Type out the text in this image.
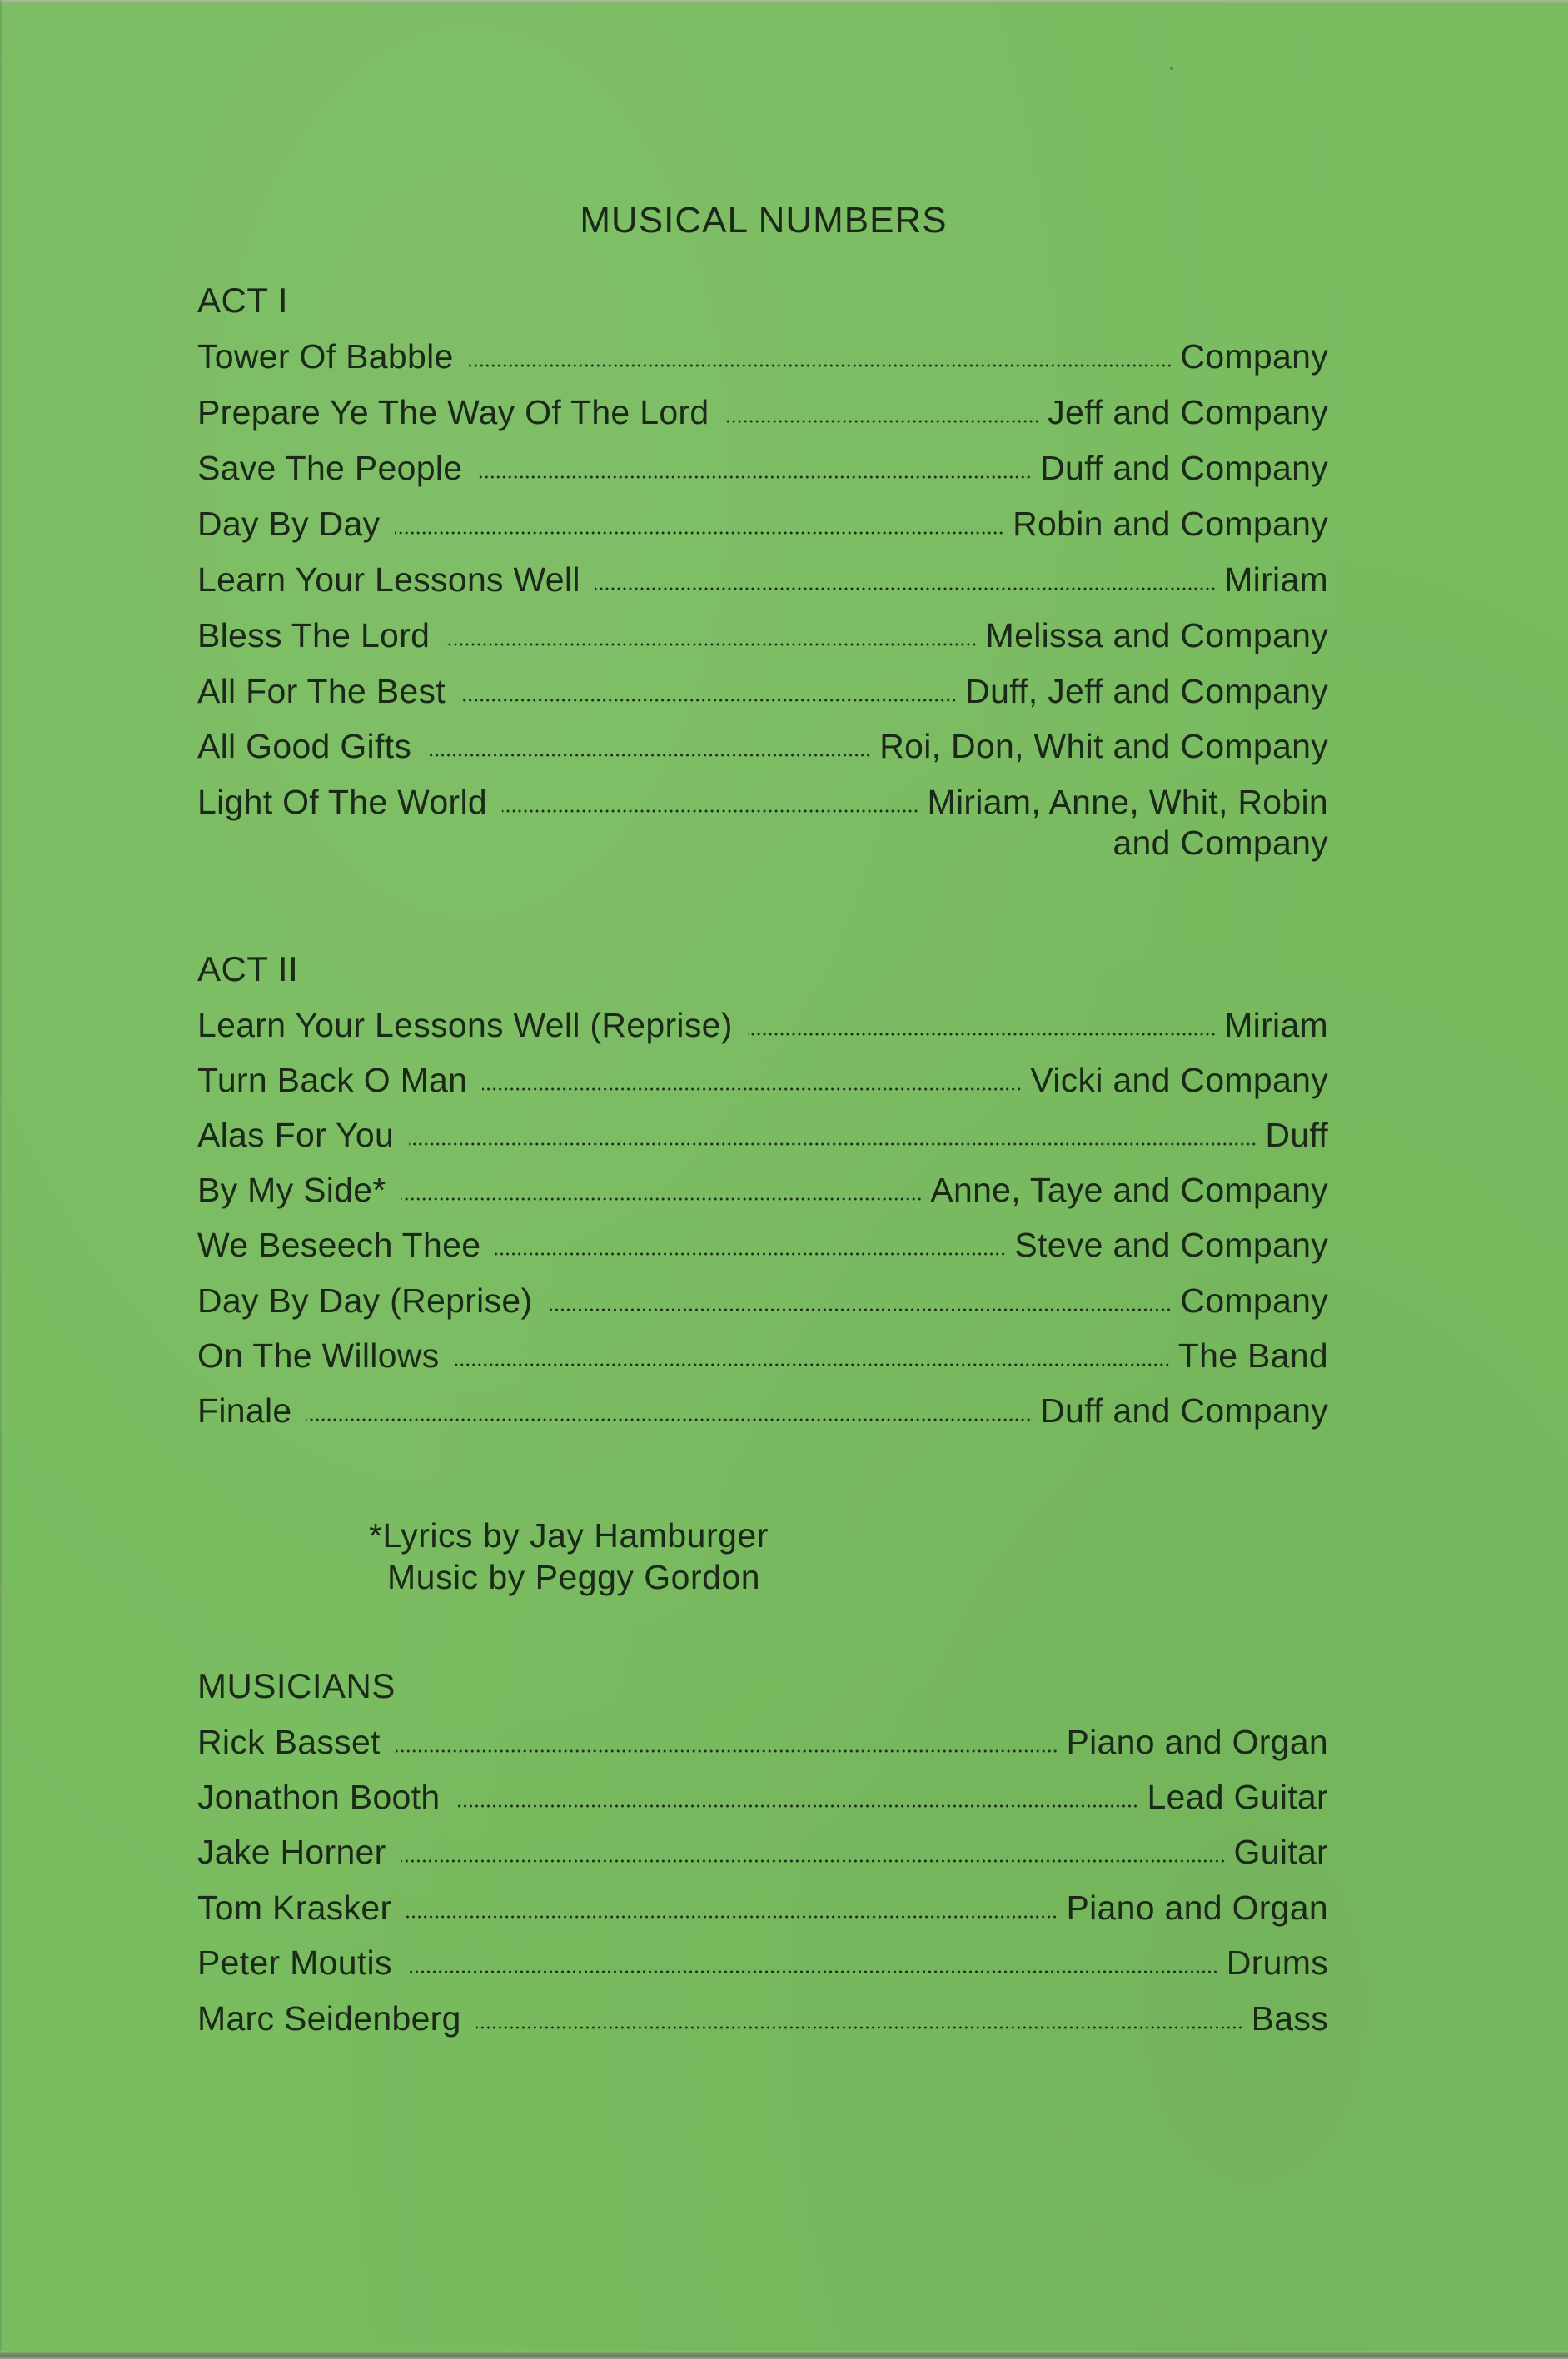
MUSICAL NUMBERS
ACT I
Tower Of Babble	Company
Prepare Ye The Way Of The Lord	Jeff and Company
Save The People	Duff and Company
Day By Day	Robin and Company
Learn Your Lessons Well	Miriam
Bless The Lord	Melissa and Company
All For The Best	Duff, Jeff and Company
All Good Gifts	Roi, Don, Whit and Company
Light Of The World	Miriam, Anne, Whit, Robin
and Company
ACT II
Learn Your Lessons Well (Reprise)	Miriam
Turn Back O Man	Vicki and Company
Alas For You	Duff
By My Side*	Anne, Taye and Company
We Beseech Thee	Steve and Company
Day By Day (Reprise)	Company
On The Willows	The Band
Finale	Duff and Company
*Lyrics by Jay Hamburger
Music by Peggy Gordon
MUSICIANS
Rick Basset	Piano and Organ
Jonathon Booth	Lead Guitar
Jake Horner	Guitar
Tom Krasker	Piano and Organ
Peter Moutis	Drums
Marc Seidenberg	Bass
